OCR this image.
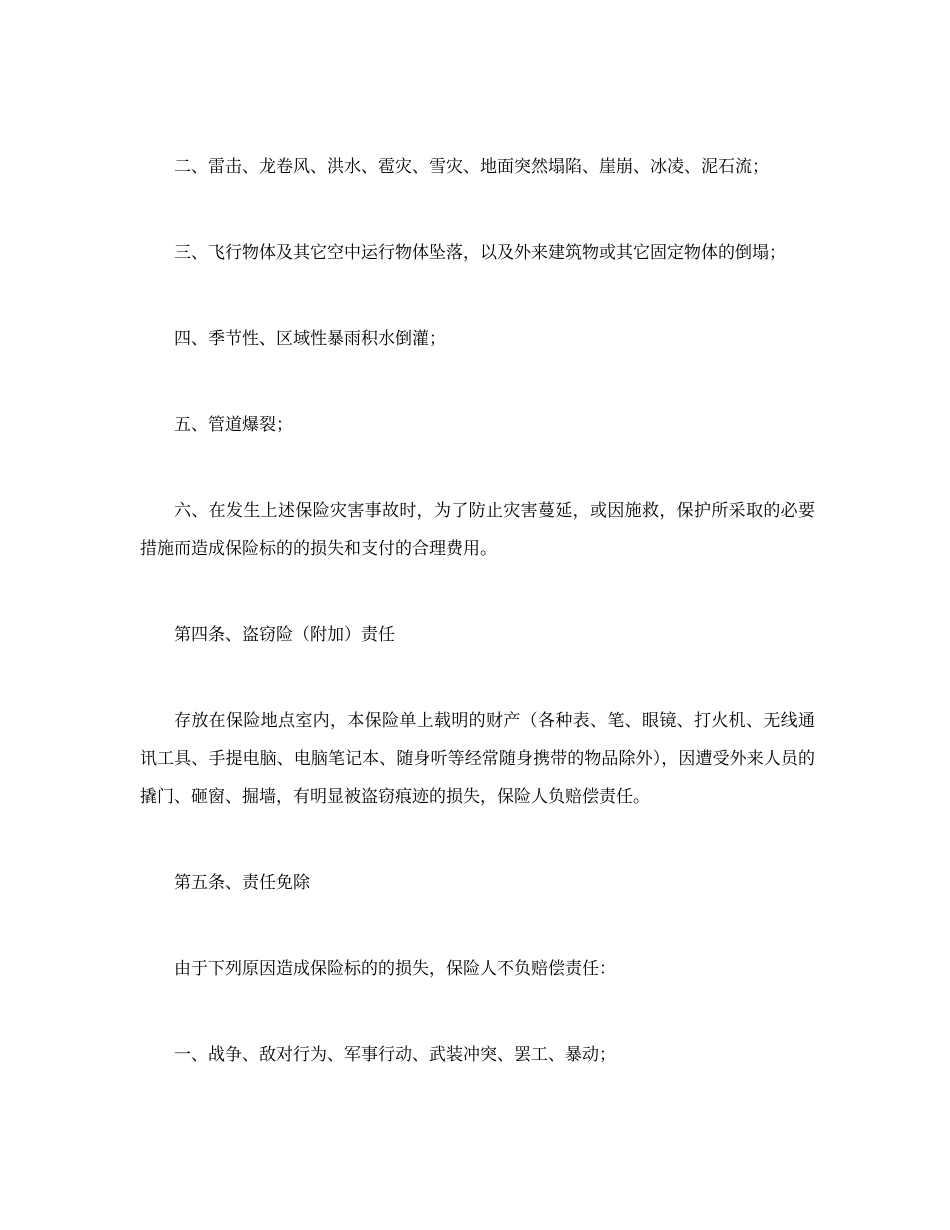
二、雷击、龙卷风、洪水、雹灾、雪灾、地面突然塌陷、崖崩、冰凌、泥石流；

三、飞行物体及其它空中运行物体坠落，以及外来建筑物或其它固定物体的倒塌；

四、季节性、区域性暴雨积水倒灌；

五、管道爆裂；

六、在发生上述保险灾害事故时，为了防止灾害蔓延，或因施救，保护所采取的必要措施而造成保险标的的损失和支付的合理费用。

第四条、盗窃险（附加）责任

存放在保险地点室内，本保险单上载明的财产（各种表、笔、眼镜、打火机、无线通讯工具、手提电脑、电脑笔记本、随身听等经常随身携带的物品除外），因遭受外来人员的撬门、砸窗、掘墙，有明显被盗窃痕迹的损失，保险人负赔偿责任。

第五条、责任免除

由于下列原因造成保险标的的损失，保险人不负赔偿责任：

一、战争、敌对行为、军事行动、武装冲突、罢工、暴动；
